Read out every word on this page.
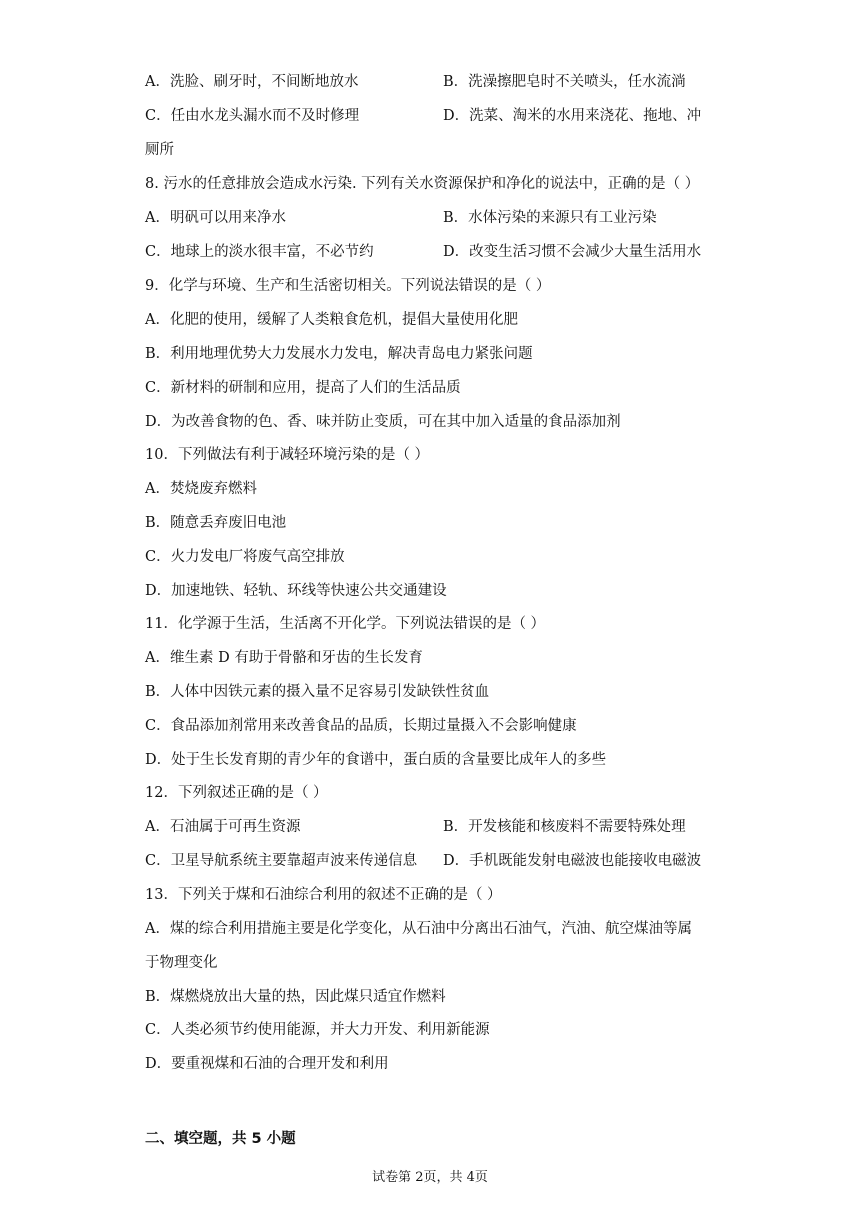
A．洗脸、刷牙时，不间断地放水	B．洗澡擦肥皂时不关喷头，任水流淌
C．任由水龙头漏水而不及时修理	D．洗菜、淘米的水用来浇花、拖地、冲
厕所
8. 污水的任意排放会造成水污染. 下列有关水资源保护和净化的说法中，正确的是（ ）
A．明矾可以用来净水	B．水体污染的来源只有工业污染
C．地球上的淡水很丰富，不必节约	D．改变生活习惯不会减少大量生活用水
9．化学与环境、生产和生活密切相关。下列说法错误的是（ ）
A．化肥的使用，缓解了人类粮食危机，提倡大量使用化肥
B．利用地理优势大力发展水力发电，解决青岛电力紧张问题
C．新材料的研制和应用，提高了人们的生活品质
D．为改善食物的色、香、味并防止变质，可在其中加入适量的食品添加剂
10．下列做法有利于减轻环境污染的是（ ）
A．焚烧废弃燃料
B．随意丢弃废旧电池
C．火力发电厂将废气高空排放
D．加速地铁、轻轨、环线等快速公共交通建设
11．化学源于生活，生活离不开化学。下列说法错误的是（ ）
A．维生素 D 有助于骨骼和牙齿的生长发育
B．人体中因铁元素的摄入量不足容易引发缺铁性贫血
C．食品添加剂常用来改善食品的品质，长期过量摄入不会影响健康
D．处于生长发育期的青少年的食谱中，蛋白质的含量要比成年人的多些
12．下列叙述正确的是（ ）
A．石油属于可再生资源	B．开发核能和核废料不需要特殊处理
C．卫星导航系统主要靠超声波来传递信息 D．手机既能发射电磁波也能接收电磁波
13．下列关于煤和石油综合利用的叙述不正确的是（ ）
A．煤的综合利用措施主要是化学变化，从石油中分离出石油气，汽油、航空煤油等属
于物理变化
B．煤燃烧放出大量的热，因此煤只适宜作燃料
C．人类必须节约使用能源，并大力开发、利用新能源
D．要重视煤和石油的合理开发和利用
二、填空题，共 5 小题
试卷第 2页，共 4页
